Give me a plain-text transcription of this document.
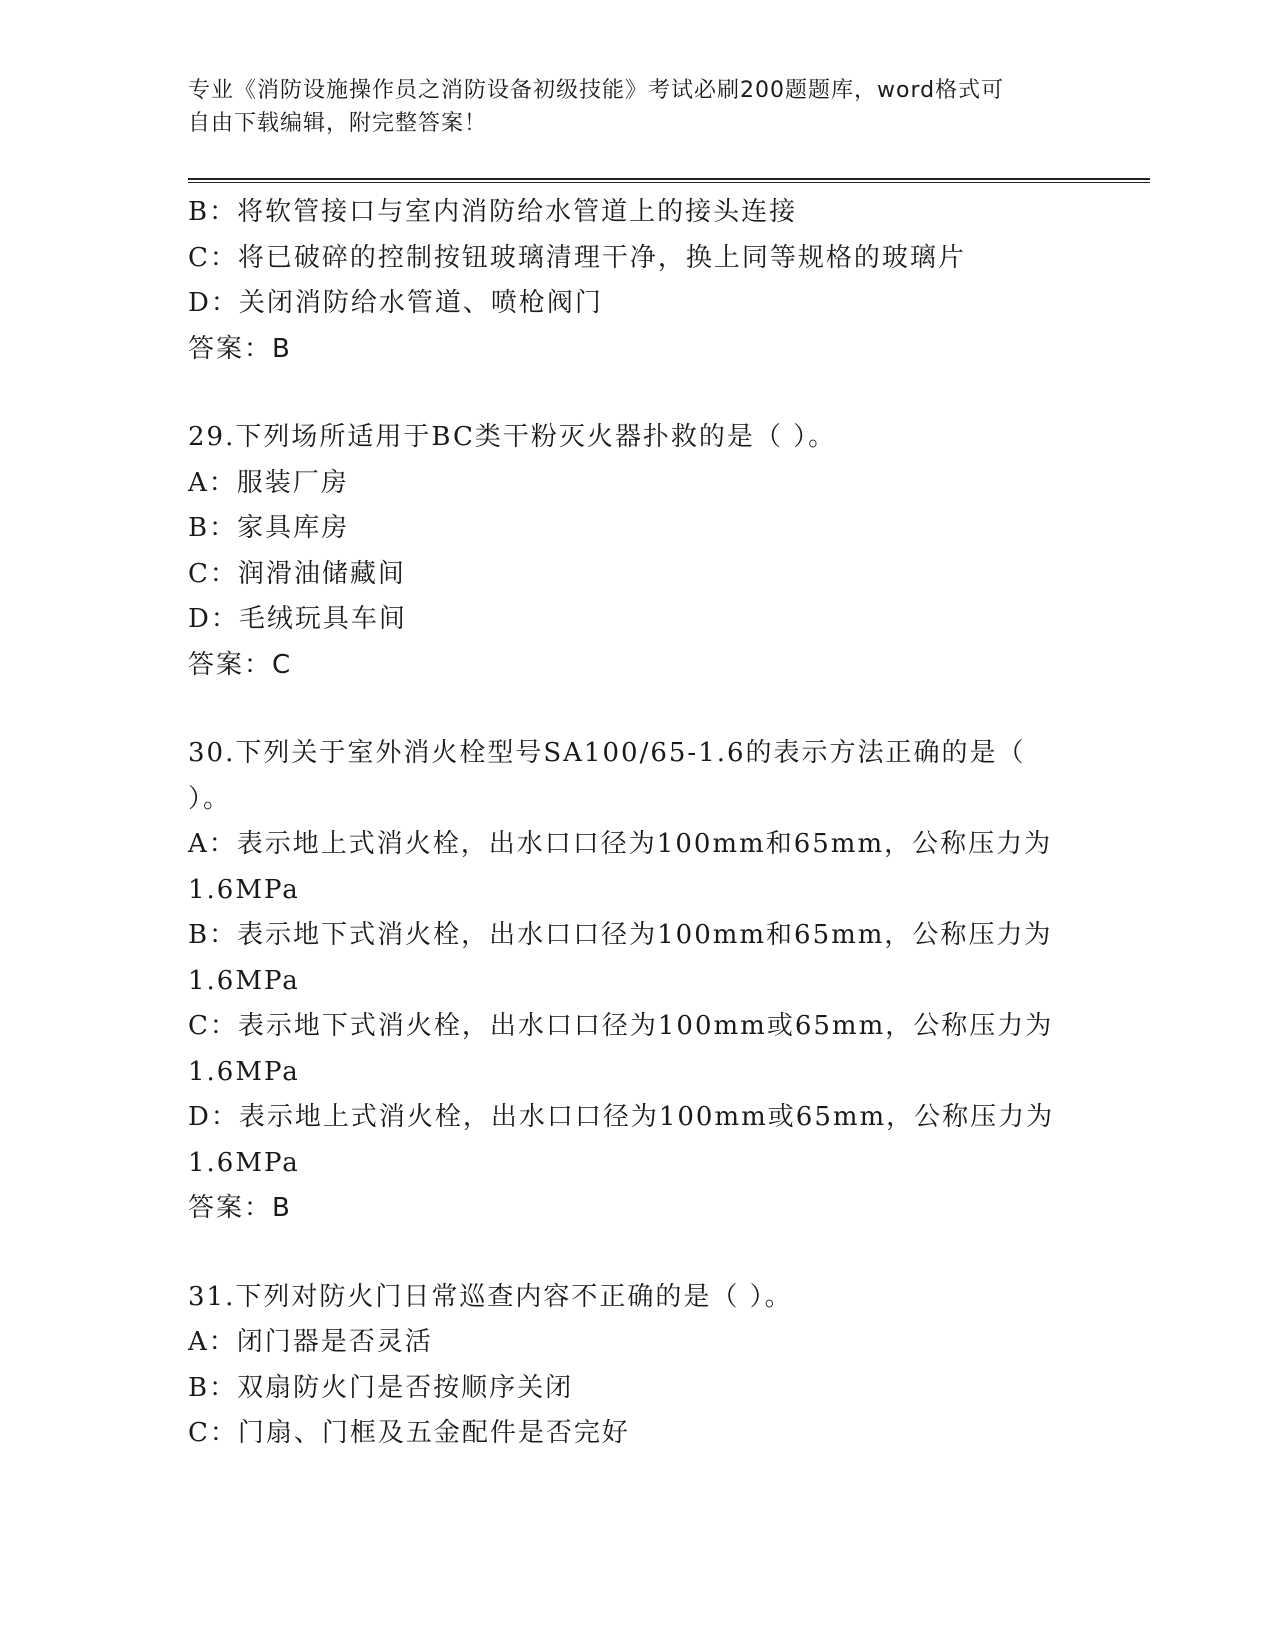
专业《消防设施操作员之消防设备初级技能》考试必刷200题题库，word格式可
自由下载编辑，附完整答案！
B：将软管接口与室内消防给水管道上的接头连接
C：将已破碎的控制按钮玻璃清理干净，换上同等规格的玻璃片
D：关闭消防给水管道、喷枪阀门
答案：B
29.下列场所适用于BC类干粉灭火器扑救的是（ ）。
A：服装厂房
B：家具库房
C：润滑油储藏间
D：毛绒玩具车间
答案：C
30.下列关于室外消火栓型号SA100/65-1.6的表示方法正确的是（
）。
A：表示地上式消火栓，出水口口径为100mm和65mm，公称压力为
1.6MPa
B：表示地下式消火栓，出水口口径为100mm和65mm，公称压力为
1.6MPa
C：表示地下式消火栓，出水口口径为100mm或65mm，公称压力为
1.6MPa
D：表示地上式消火栓，出水口口径为100mm或65mm，公称压力为
1.6MPa
答案：B
31.下列对防火门日常巡查内容不正确的是（ ）。
A：闭门器是否灵活
B：双扇防火门是否按顺序关闭
C：门扇、门框及五金配件是否完好
